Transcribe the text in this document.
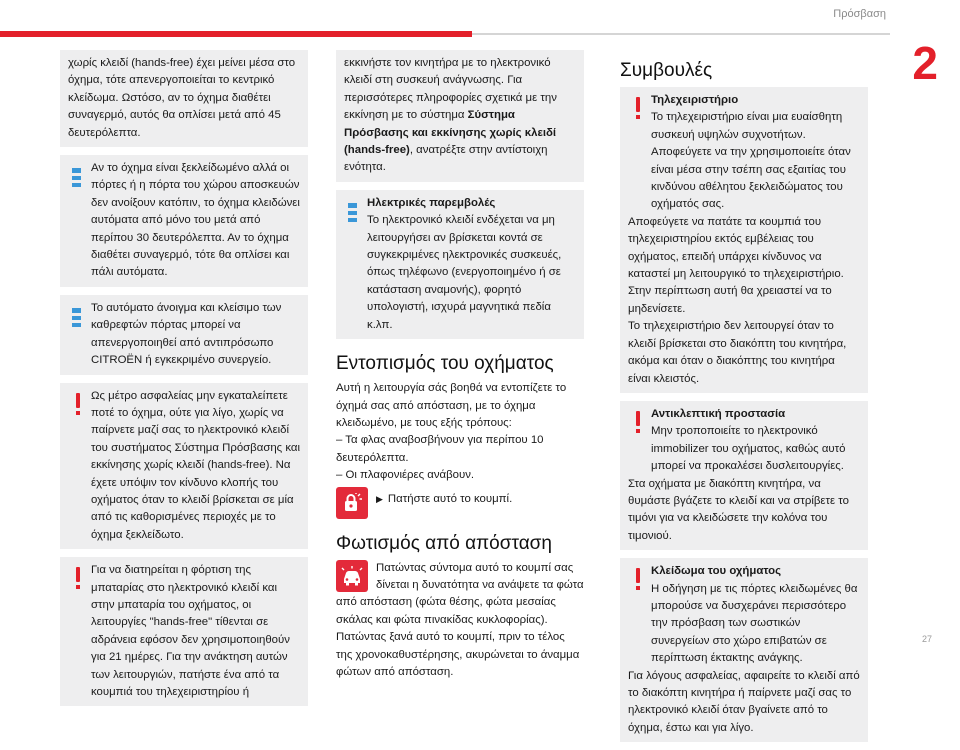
Πρόσβαση
2
27

χωρίς κλειδί (hands-free) έχει μείνει μέσα στο όχημα, τότε απενεργοποιείται το κεντρικό κλείδωμα. Ωστόσο, αν το όχημα διαθέτει συναγερμό, αυτός θα οπλίσει μετά από 45 δευτερόλεπτα.

Αν το όχημα είναι ξεκλείδωμένο αλλά οι πόρτες ή η πόρτα του χώρου αποσκευών δεν ανοίξουν κατόπιν, το όχημα κλειδώνει αυτόματα από μόνο του μετά από περίπου 30 δευτερόλεπτα. Αν το όχημα διαθέτει συναγερμό, τότε θα οπλίσει και πάλι αυτόματα.

Το αυτόματο άνοιγμα και κλείσιμο των καθρεφτών πόρτας μπορεί να απενεργοποιηθεί από αντιπρόσωπο CITROËN ή εγκεκριμένο συνεργείο.

Ως μέτρο ασφαλείας μην εγκαταλείπετε ποτέ το όχημα, ούτε για λίγο, χωρίς να παίρνετε μαζί σας το ηλεκτρονικό κλειδί του συστήματος Σύστημα Πρόσβασης και εκκίνησης χωρίς κλειδί (hands-free). Να έχετε υπόψιν τον κίνδυνο κλοπής του οχήματος όταν το κλειδί βρίσκεται σε μία από τις καθορισμένες περιοχές με το όχημα ξεκλείδωτο.

Για να διατηρείται η φόρτιση της μπαταρίας στο ηλεκτρονικό κλειδί και στην μπαταρία του οχήματος, οι λειτουργίες "hands-free" τίθενται σε αδράνεια εφόσον δεν χρησιμοποιηθούν για 21 ημέρες. Για την ανάκτηση αυτών των λειτουργιών, πατήστε ένα από τα κουμπιά του τηλεχειριστηρίου ή

εκκινήστε τον κινητήρα με το ηλεκτρονικό κλειδί στη συσκευή ανάγνωσης. Για περισσότερες πληροφορίες σχετικά με την εκκίνηση με το σύστημα Σύστημα Πρόσβασης και εκκίνησης χωρίς κλειδί (hands-free), ανατρέξτε στην αντίστοιχη ενότητα.

Ηλεκτρικές παρεμβολές

Το ηλεκτρονικό κλειδί ενδέχεται να μη λειτουργήσει αν βρίσκεται κοντά σε συγκεκριμένες ηλεκτρονικές συσκευές, όπως τηλέφωνο (ενεργοποιημένο ή σε κατάσταση αναμονής), φορητό υπολογιστή, ισχυρά μαγνητικά πεδία κ.λπ.

Εντοπισμός του οχήματος

Αυτή η λειτουργία σάς βοηθά να εντοπίζετε το όχημά σας από απόσταση, με το όχημα κλειδωμένο, με τους εξής τρόπους:

– Τα φλας αναβοσβήνουν για περίπου 10 δευτερόλεπτα.

– Οι πλαφονιέρες ανάβουν.

▶ Πατήστε αυτό το κουμπί.
Φωτισμός από απόσταση

Πατώντας σύντομα αυτό το κουμπί σας δίνεται η δυνατότητα να ανάψετε τα φώτα από απόσταση (φώτα θέσης, φώτα μεσαίας σκάλας και φώτα πινακίδας κυκλοφορίας).

Πατώντας ξανά αυτό το κουμπί, πριν το τέλος της χρονοκαθυστέρησης, ακυρώνεται το άναμμα φώτων από απόσταση.

Συμβουλές

Τηλεχειριστήριο

Το τηλεχειριστήριο είναι μια ευαίσθητη συσκευή υψηλών συχνοτήτων. Αποφεύγετε να την χρησιμοποιείτε όταν είναι μέσα στην τσέπη σας εξαιτίας του κινδύνου αθέλητου ξεκλειδώματος του οχήματός σας.

Αποφεύγετε να πατάτε τα κουμπιά του τηλεχειριστηρίου εκτός εμβέλειας του οχήματος, επειδή υπάρχει κίνδυνος να καταστεί μη λειτουργικό το τηλεχειριστήριο. Στην περίπτωση αυτή θα χρειαστεί να το μηδενίσετε.

Το τηλεχειριστήριο δεν λειτουργεί όταν το κλειδί βρίσκεται στο διακόπτη του κινητήρα, ακόμα και όταν ο διακόπτης του κινητήρα είναι κλειστός.

Αντικλεπτική προστασία

Μην τροποποιείτε το ηλεκτρονικό immobilizer του οχήματος, καθώς αυτό μπορεί να προκαλέσει δυσλειτουργίες.

Στα οχήματα με διακόπτη κινητήρα, να θυμάστε βγάζετε το κλειδί και να στρίβετε το τιμόνι για να κλειδώσετε την κολόνα του τιμονιού.

Κλείδωμα του οχήματος

Η οδήγηση με τις πόρτες κλειδωμένες θα μπορούσε να δυσχεράνει περισσότερο την πρόσβαση των σωστικών συνεργείων στο χώρο επιβατών σε περίπτωση έκτακτης ανάγκης.

Για λόγους ασφαλείας, αφαιρείτε το κλειδί από το διακόπτη κινητήρα ή παίρνετε μαζί σας το ηλεκτρονικό κλειδί όταν βγαίνετε από το όχημα, έστω και για λίγο.
